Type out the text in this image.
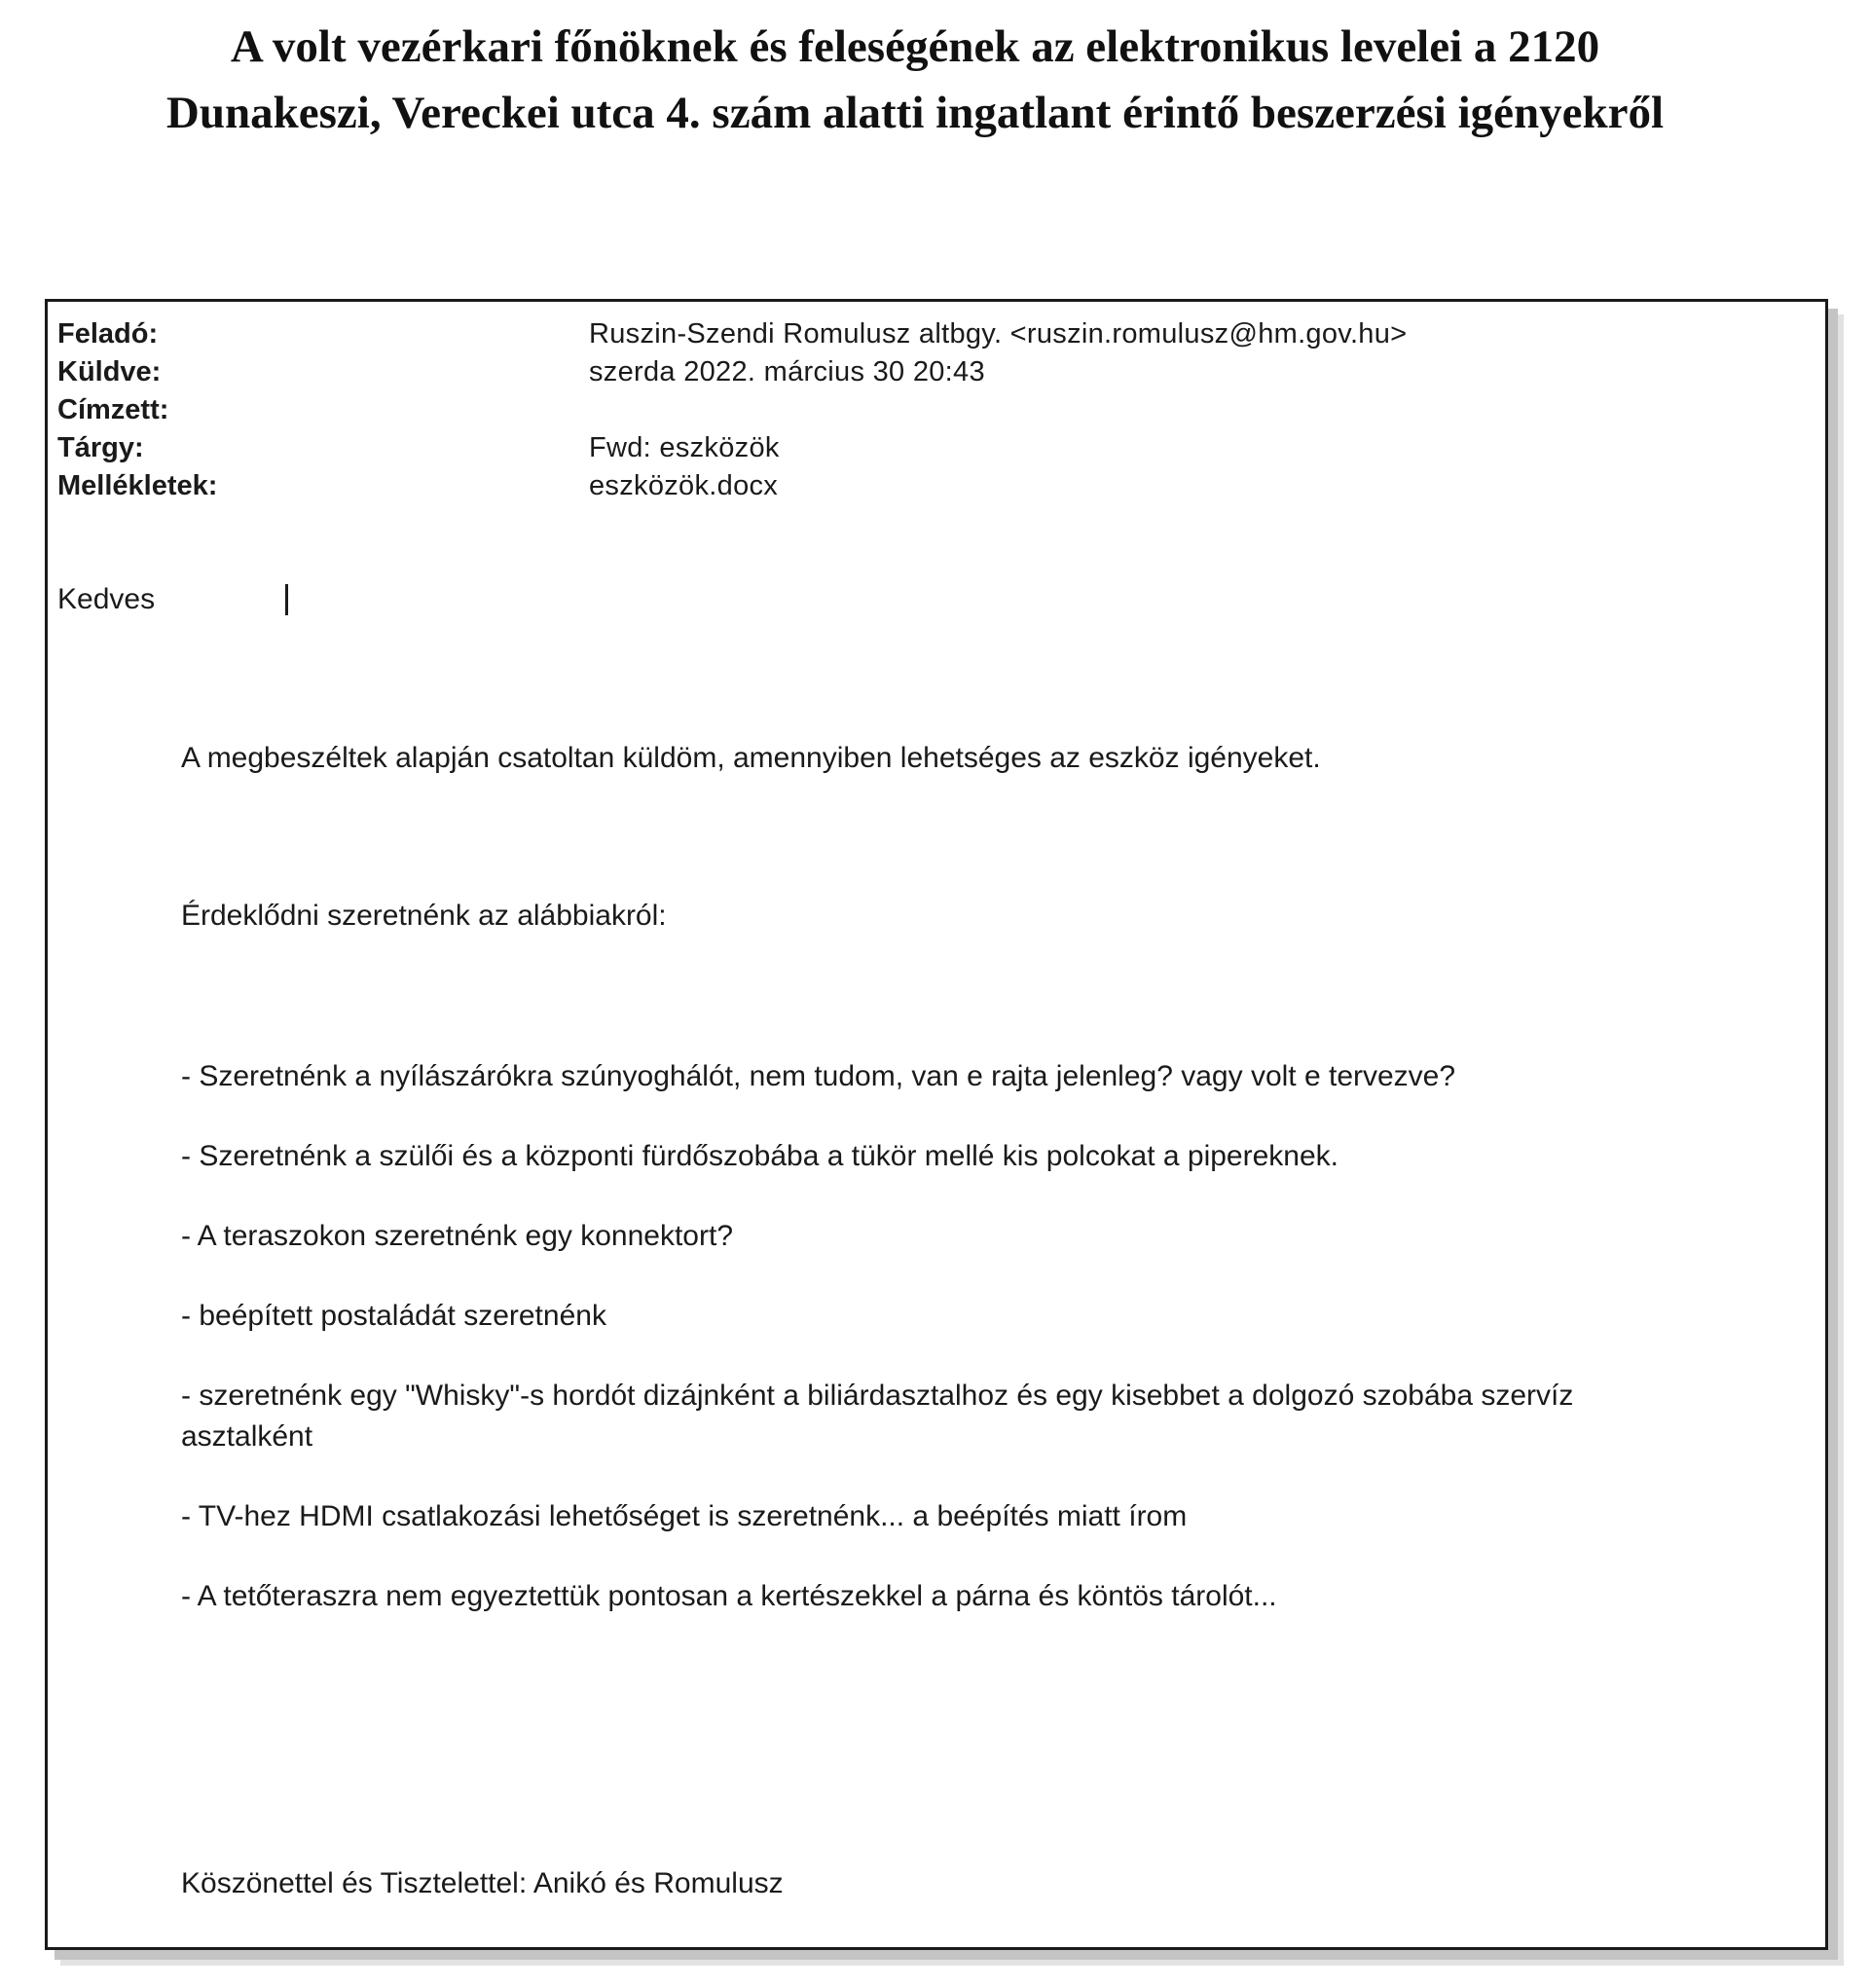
A volt vezérkari főnöknek és feleségének az elektronikus levelei a 2120
Dunakeszi, Vereckei utca 4. szám alatti ingatlant érintő beszerzési igényekről
Feladó:	Ruszin-Szendi Romulusz altbgy. <ruszin.romulusz@hm.gov.hu>
Küldve:	szerda 2022. március 30 20:43
Címzett:
Tárgy:	Fwd: eszközök
Mellékletek:	eszközök.docx
Kedves
A megbeszéltek alapján csatoltan küldöm, amennyiben lehetséges az eszköz igényeket.
Érdeklődni szeretnénk az alábbiakról:
- Szeretnénk a nyílászárókra szúnyoghálót, nem tudom, van e rajta jelenleg? vagy volt e tervezve?
- Szeretnénk a szülői és a központi fürdőszobába a tükör mellé kis polcokat a pipereknek.
- A teraszokon szeretnénk egy konnektort?
- beépített postaládát szeretnénk
- szeretnénk egy "Whisky"-s hordót dizájnként a biliárdasztalhoz és egy kisebbet a dolgozó szobába szervíz asztalként
- TV-hez HDMI csatlakozási lehetőséget is szeretnénk... a beépítés miatt írom
- A tetőteraszra nem egyeztettük pontosan a kertészekkel a párna és köntös tárolót...
Köszönettel és Tisztelettel: Anikó és Romulusz
